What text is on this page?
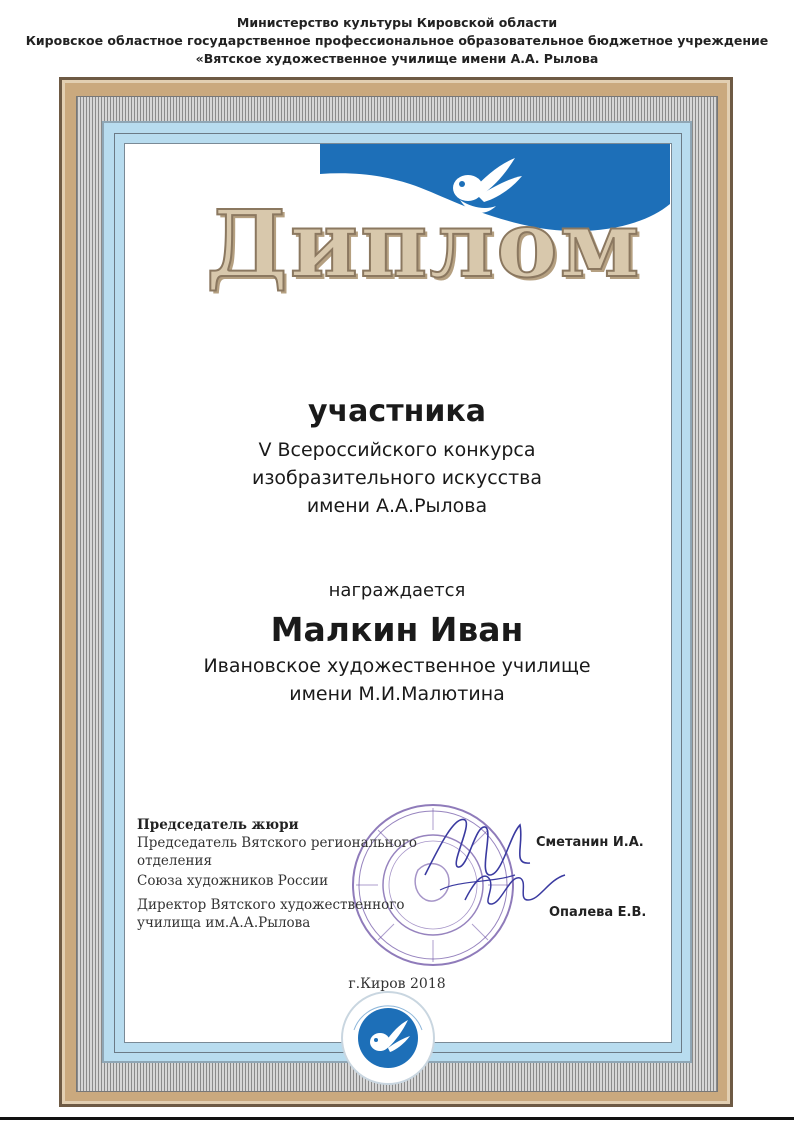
Министерство культуры Кировской области
Кировское областное государственное профессиональное образовательное бюджетное учреждение
«Вятское художественное училище имени А.А. Рылова
Диплом
участника
V Всероссийского конкурса
изобразительного искусства
имени А.А.Рылова
награждается
Малкин Иван
Ивановское художественное училище
имени М.И.Малютина
Председатель жюри
Председатель Вятского регионального
отделения
Союза художников России
Директор Вятского художественного
училища им.А.А.Рылова
Сметанин И.А.
Опалева Е.В.
г.Киров 2018
